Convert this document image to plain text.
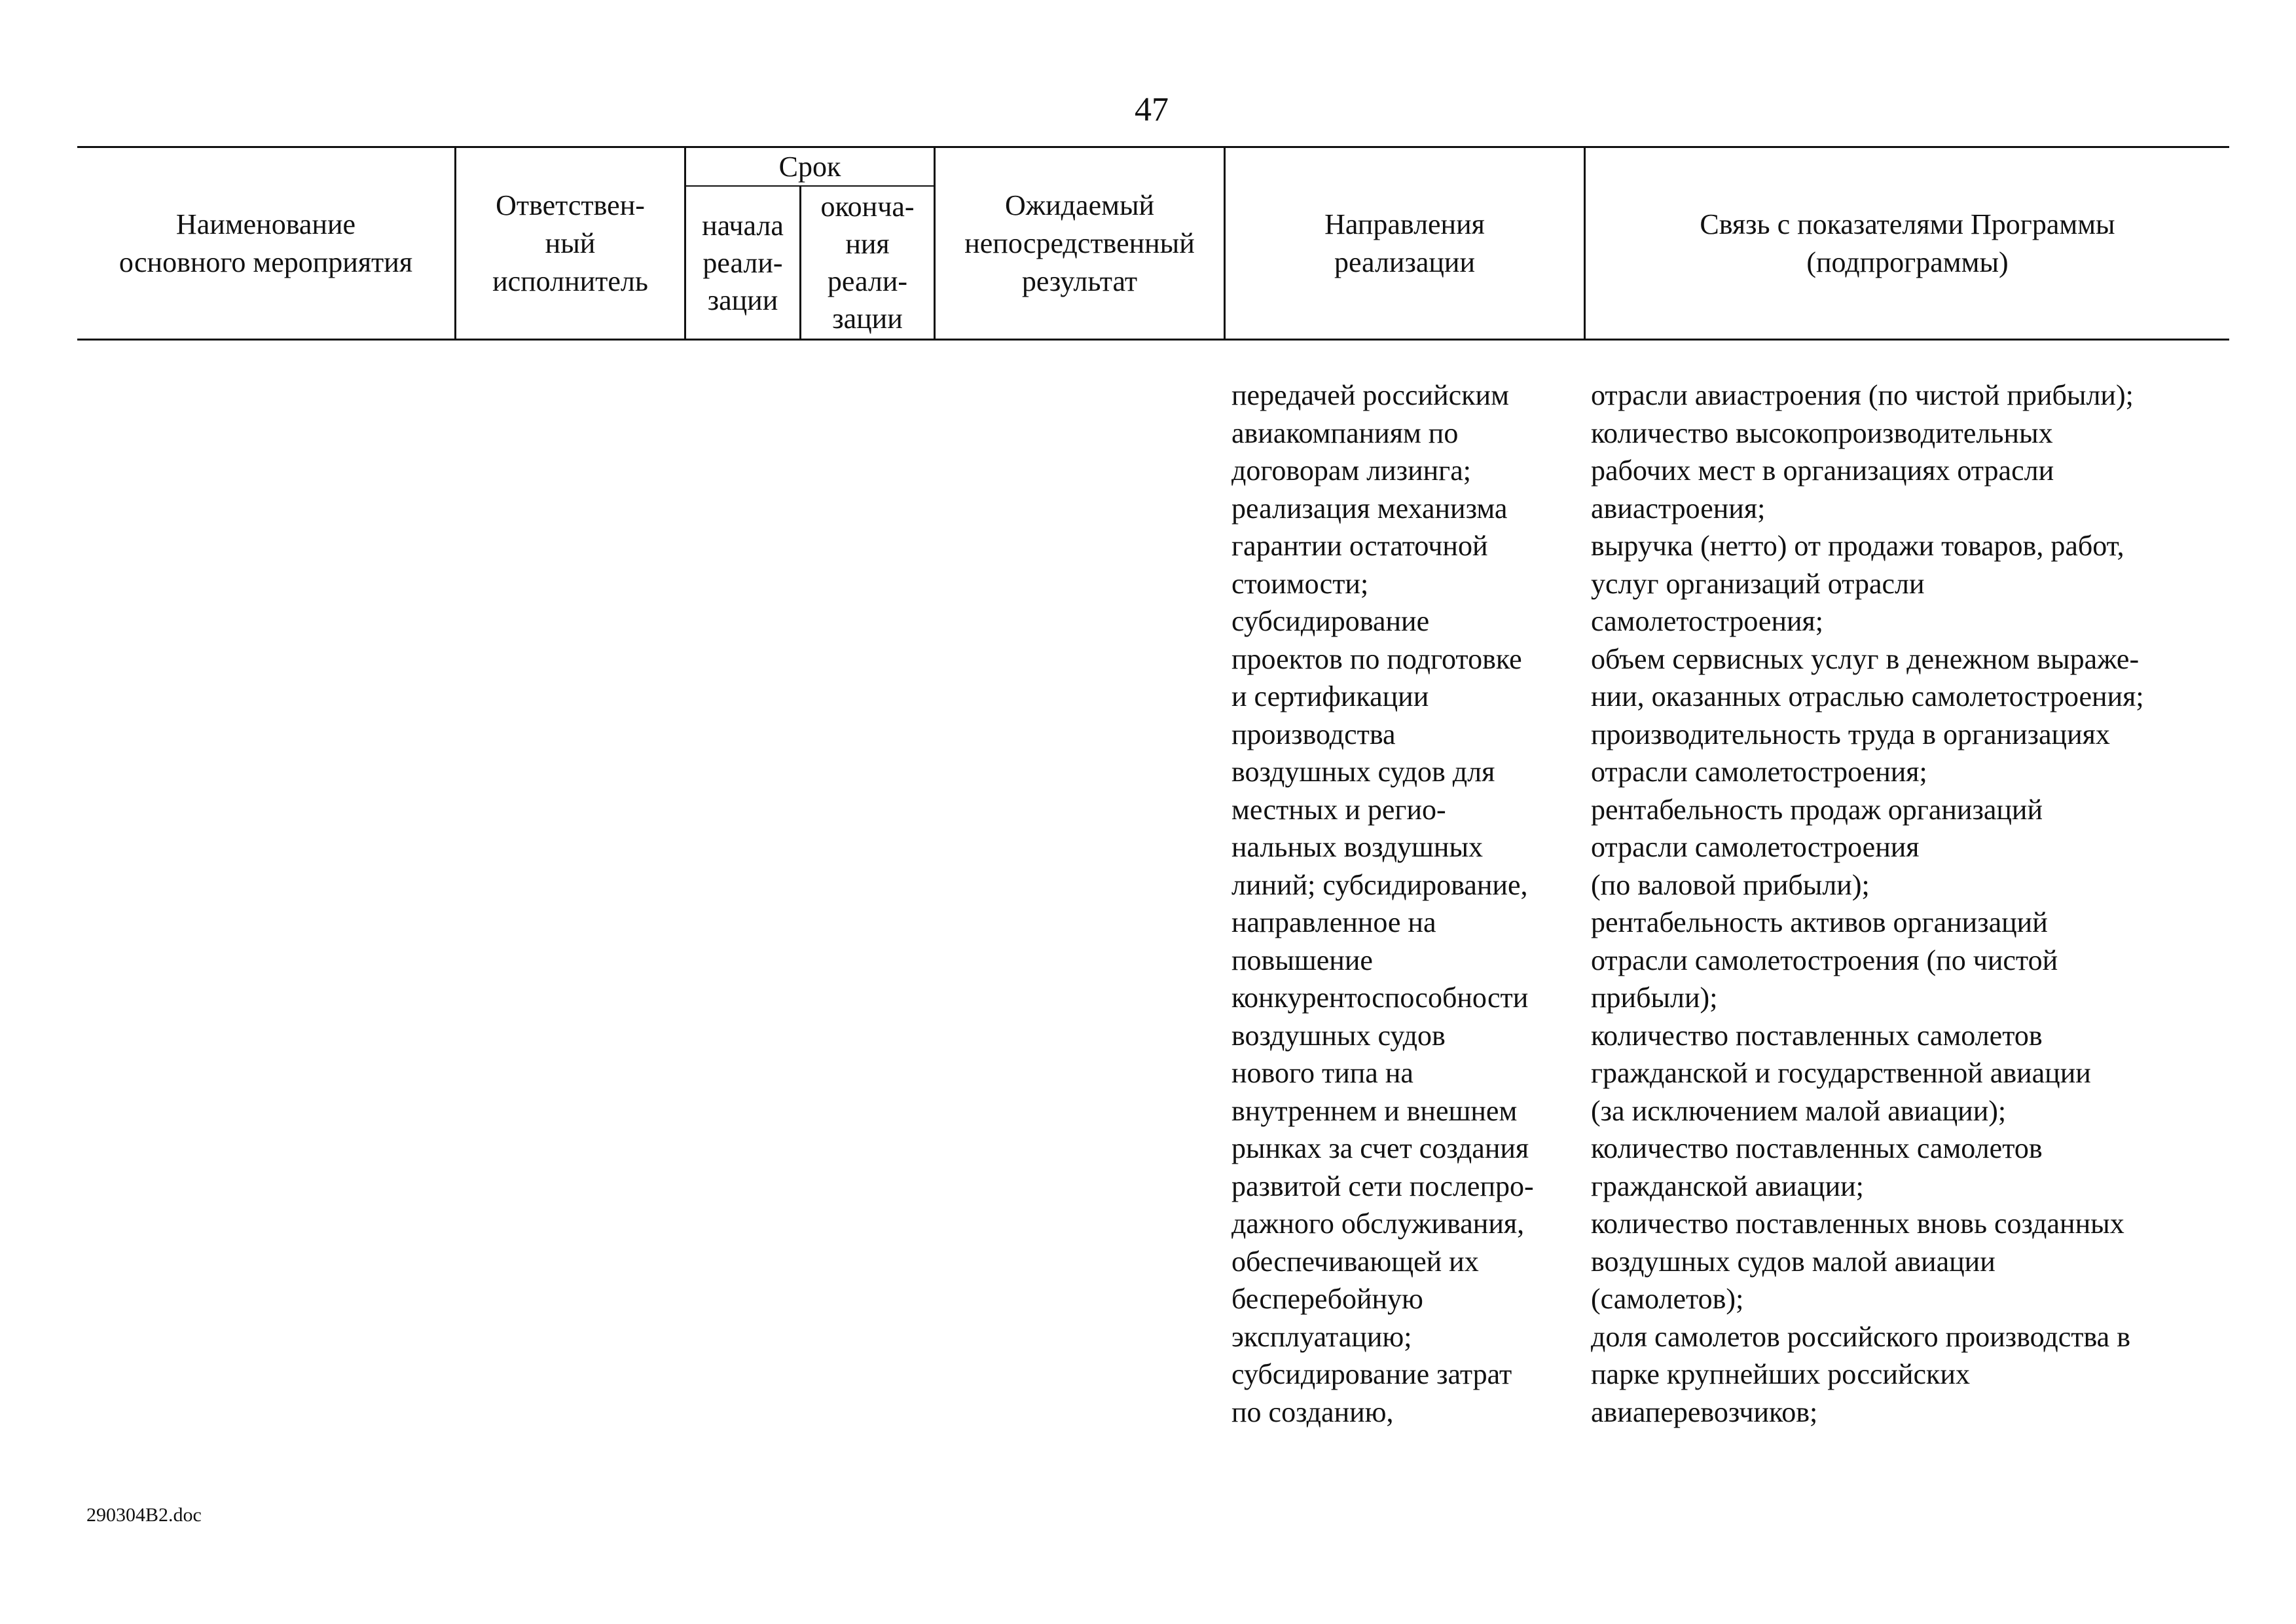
47
Наименование
основного мероприятия
Ответствен-
ный
исполнитель
Срок
начала
реали-
зации
оконча-
ния
реали-
зации
Ожидаемый
непосредственный
результат
Направления
реализации
Связь с показателями Программы
(подпрограммы)
передачей российским
авиакомпаниям по
договорам лизинга;
реализация механизма
гарантии остаточной
стоимости;
субсидирование
проектов по подготовке
и сертификации
производства
воздушных судов для
местных и регио-
нальных воздушных
линий; субсидирование,
направленное на
повышение
конкурентоспособности
воздушных судов
нового типа на
внутреннем и внешнем
рынках за счет создания
развитой сети послепро-
дажного обслуживания,
обеспечивающей их
бесперебойную
эксплуатацию;
субсидирование затрат
по созданию,
отрасли авиастроения (по чистой прибыли);
количество высокопроизводительных
рабочих мест в организациях отрасли
авиастроения;
выручка (нетто) от продажи товаров, работ,
услуг организаций отрасли
самолетостроения;
объем сервисных услуг в денежном выраже-
нии, оказанных отраслью самолетостроения;
производительность труда в организациях
отрасли самолетостроения;
рентабельность продаж организаций
отрасли самолетостроения
(по валовой прибыли);
рентабельность активов организаций
отрасли самолетостроения (по чистой
прибыли);
количество поставленных самолетов
гражданской и государственной авиации
(за исключением малой авиации);
количество поставленных самолетов
гражданской авиации;
количество поставленных вновь созданных
воздушных судов малой авиации
(самолетов);
доля самолетов российского производства в
парке крупнейших российских
авиаперевозчиков;
290304B2.doc
